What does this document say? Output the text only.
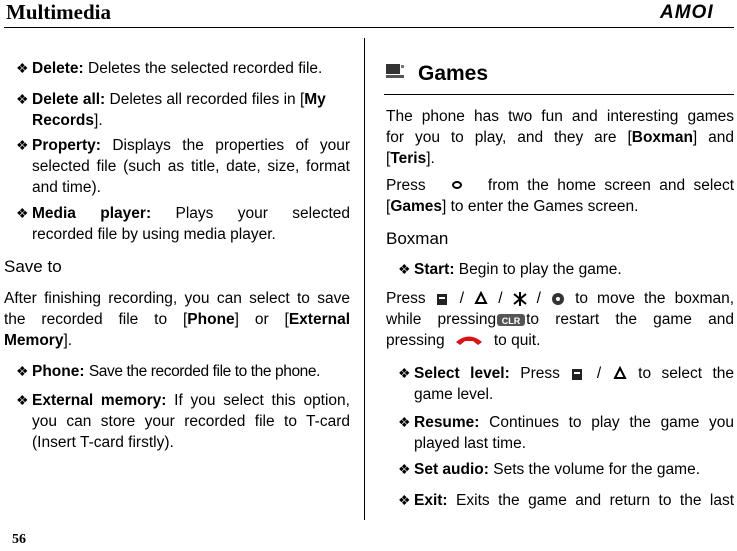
Multimedia	AMOI
❖ Delete: Deletes the selected recorded file.
❖ Delete all: Deletes all recorded files in [My Records].
❖ Property: Displays the properties of your
selected file (such as title, date, size, format and time).
❖ Media player: Plays your selected
recorded file by using media player.
Save to
After finishing recording, you can select to save
the recorded file to [Phone] or [External
Memory].
❖ Phone: Save the recorded file to the phone.
❖ External memory: If you select this option,
you can store your recorded file to T-card (Insert T-card firstly).
Games
The phone has two fun and interesting games
for you to play, and they are [Boxman] and
[Teris].
Press	from the home screen and select
[Games] to enter the Games screen.
Boxman
❖ Start: Begin to play the game.
Press / / / to move the boxman,
while pressing CLR to restart the game and
pressing	to quit.
❖ Select level: Press / to select the
game level.
❖ Resume: Continues to play the game you
played last time.
❖ Set audio: Sets the volume for the game.
❖ Exit: Exits the game and return to the last
56
